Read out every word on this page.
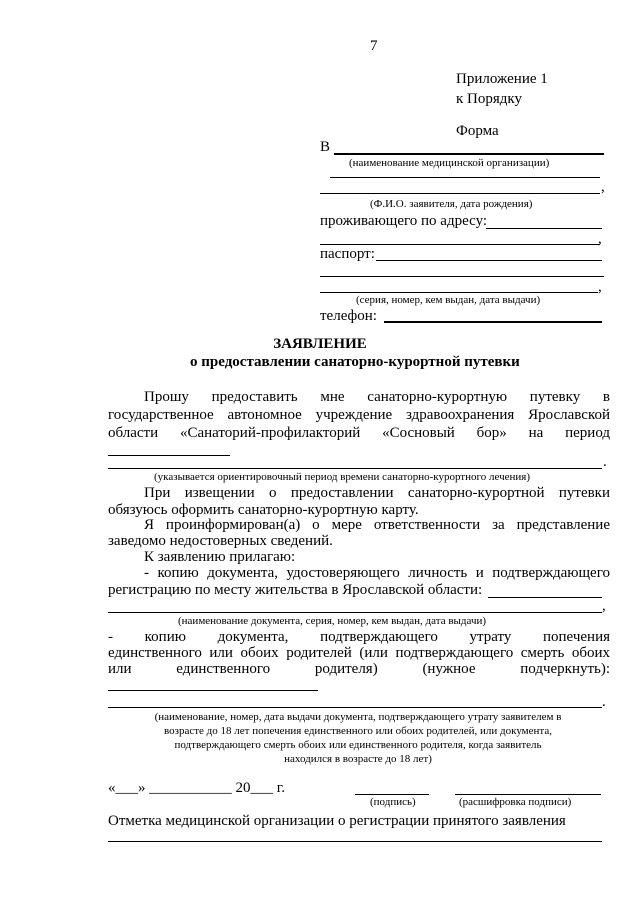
7
Приложение 1
к Порядку
Форма
В
(наименование медицинской организации)
,
(Ф.И.О. заявителя, дата рождения)
проживающего по адресу:
,
паспорт:
,
(серия, номер, кем выдан, дата выдачи)
телефон:
ЗАЯВЛЕНИЕ
о предоставлении санаторно-курортной путевки
Прошу предоставить мне санаторно-курортную путевку в
государственное автономное учреждение здравоохранения Ярославской
области «Санаторий-профилакторий «Сосновый бор» на период
.
(указывается ориентировочный период времени санаторно-курортного лечения)
При извещении о предоставлении санаторно-курортной путевки
обязуюсь оформить санаторно-курортную карту.
Я проинформирован(а) о мере ответственности за представление
заведомо недостоверных сведений.
К заявлению прилагаю:
- копию документа, удостоверяющего личность и подтверждающего
регистрацию по месту жительства в Ярославской области:
,
(наименование документа, серия, номер, кем выдан, дата выдачи)
- копию документа, подтверждающего утрату попечения
единственного или обоих родителей (или подтверждающего смерть обоих
или	единственного	родителя)	(нужное	подчеркнуть):
.
(наименование, номер, дата выдачи документа, подтверждающего утрату заявителем в
возрасте до 18 лет попечения единственного или обоих родителей, или документа,
подтверждающего смерть обоих или единственного родителя, когда заявитель
находился в возрасте до 18 лет)
«___» ___________ 20___ г.
(подпись)	(расшифровка подписи)
Отметка медицинской организации о регистрации принятого заявления
